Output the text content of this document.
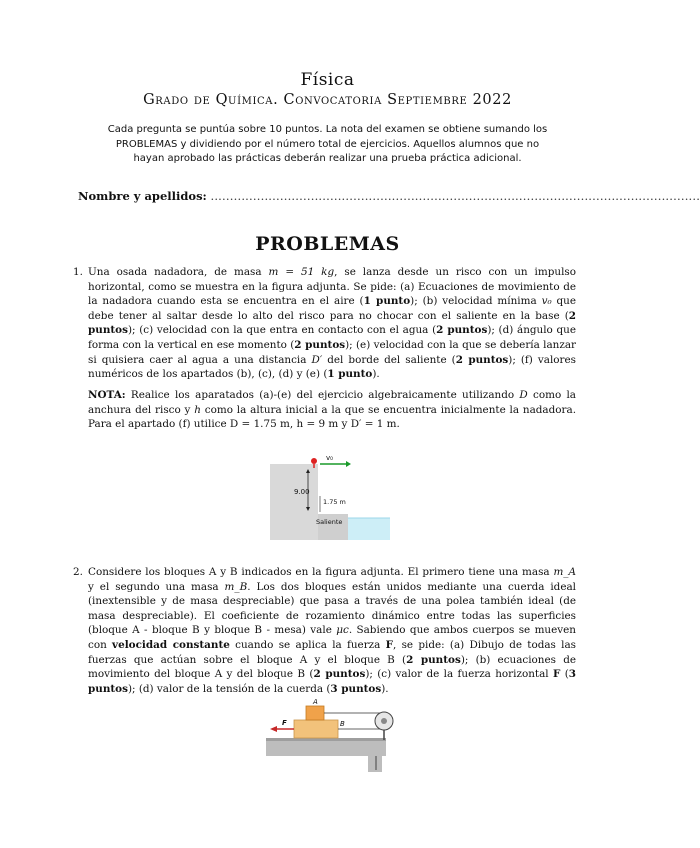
Física
Grado de Química. Convocatoria Septiembre 2022
Cada pregunta se puntúa sobre 10 puntos. La nota del examen se obtiene sumando los PROBLEMAS y dividiendo por el número total de ejercicios. Aquellos alumnos que no hayan aprobado las prácticas deberán realizar una prueba práctica adicional.
Nombre y apellidos: ...............................................................................................................................
PROBLEMAS
1. Una osada nadadora, de masa m = 51 kg, se lanza desde un risco con un impulso horizontal, como se muestra en la figura adjunta. Se pide: (a) Ecuaciones de movimiento de la nadadora cuando esta se encuentra en el aire (1 punto); (b) velocidad mínima v₀ que debe tener al saltar desde lo alto del risco para no chocar con el saliente en la base (2 puntos); (c) velocidad con la que entra en contacto con el agua (2 puntos); (d) ángulo que forma con la vertical en ese momento (2 puntos); (e) velocidad con la que se debería lanzar si quisiera caer al agua a una distancia D′ del borde del saliente (2 puntos); (f) valores numéricos de los apartados (b), (c), (d) y (e) (1 punto).
NOTA: Realice los aparatados (a)-(e) del ejercicio algebraicamente utilizando D como la anchura del risco y h como la altura inicial a la que se encuentra inicialmente la nadadora. Para el apartado (f) utilice D = 1.75 m, h = 9 m y D′ = 1 m.
v₀
9.00
1.75 m
Saliente
2. Considere los bloques A y B indicados en la figura adjunta. El primero tiene una masa m_A y el segundo una masa m_B. Los dos bloques están unidos mediante una cuerda ideal (inextensible y de masa despreciable) que pasa a través de una polea también ideal (de masa despreciable). El coeficiente de rozamiento dinámico entre todas las superficies (bloque A - bloque B y bloque B - mesa) vale μc. Sabiendo que ambos cuerpos se mueven con velocidad constante cuando se aplica la fuerza F, se pide: (a) Dibujo de todas las fuerzas que actúan sobre el bloque A y el bloque B (2 puntos); (b) ecuaciones de movimiento del bloque A y del bloque B (2 puntos); (c) valor de la fuerza horizontal F (3 puntos); (d) valor de la tensión de la cuerda (3 puntos).
A
B
F
